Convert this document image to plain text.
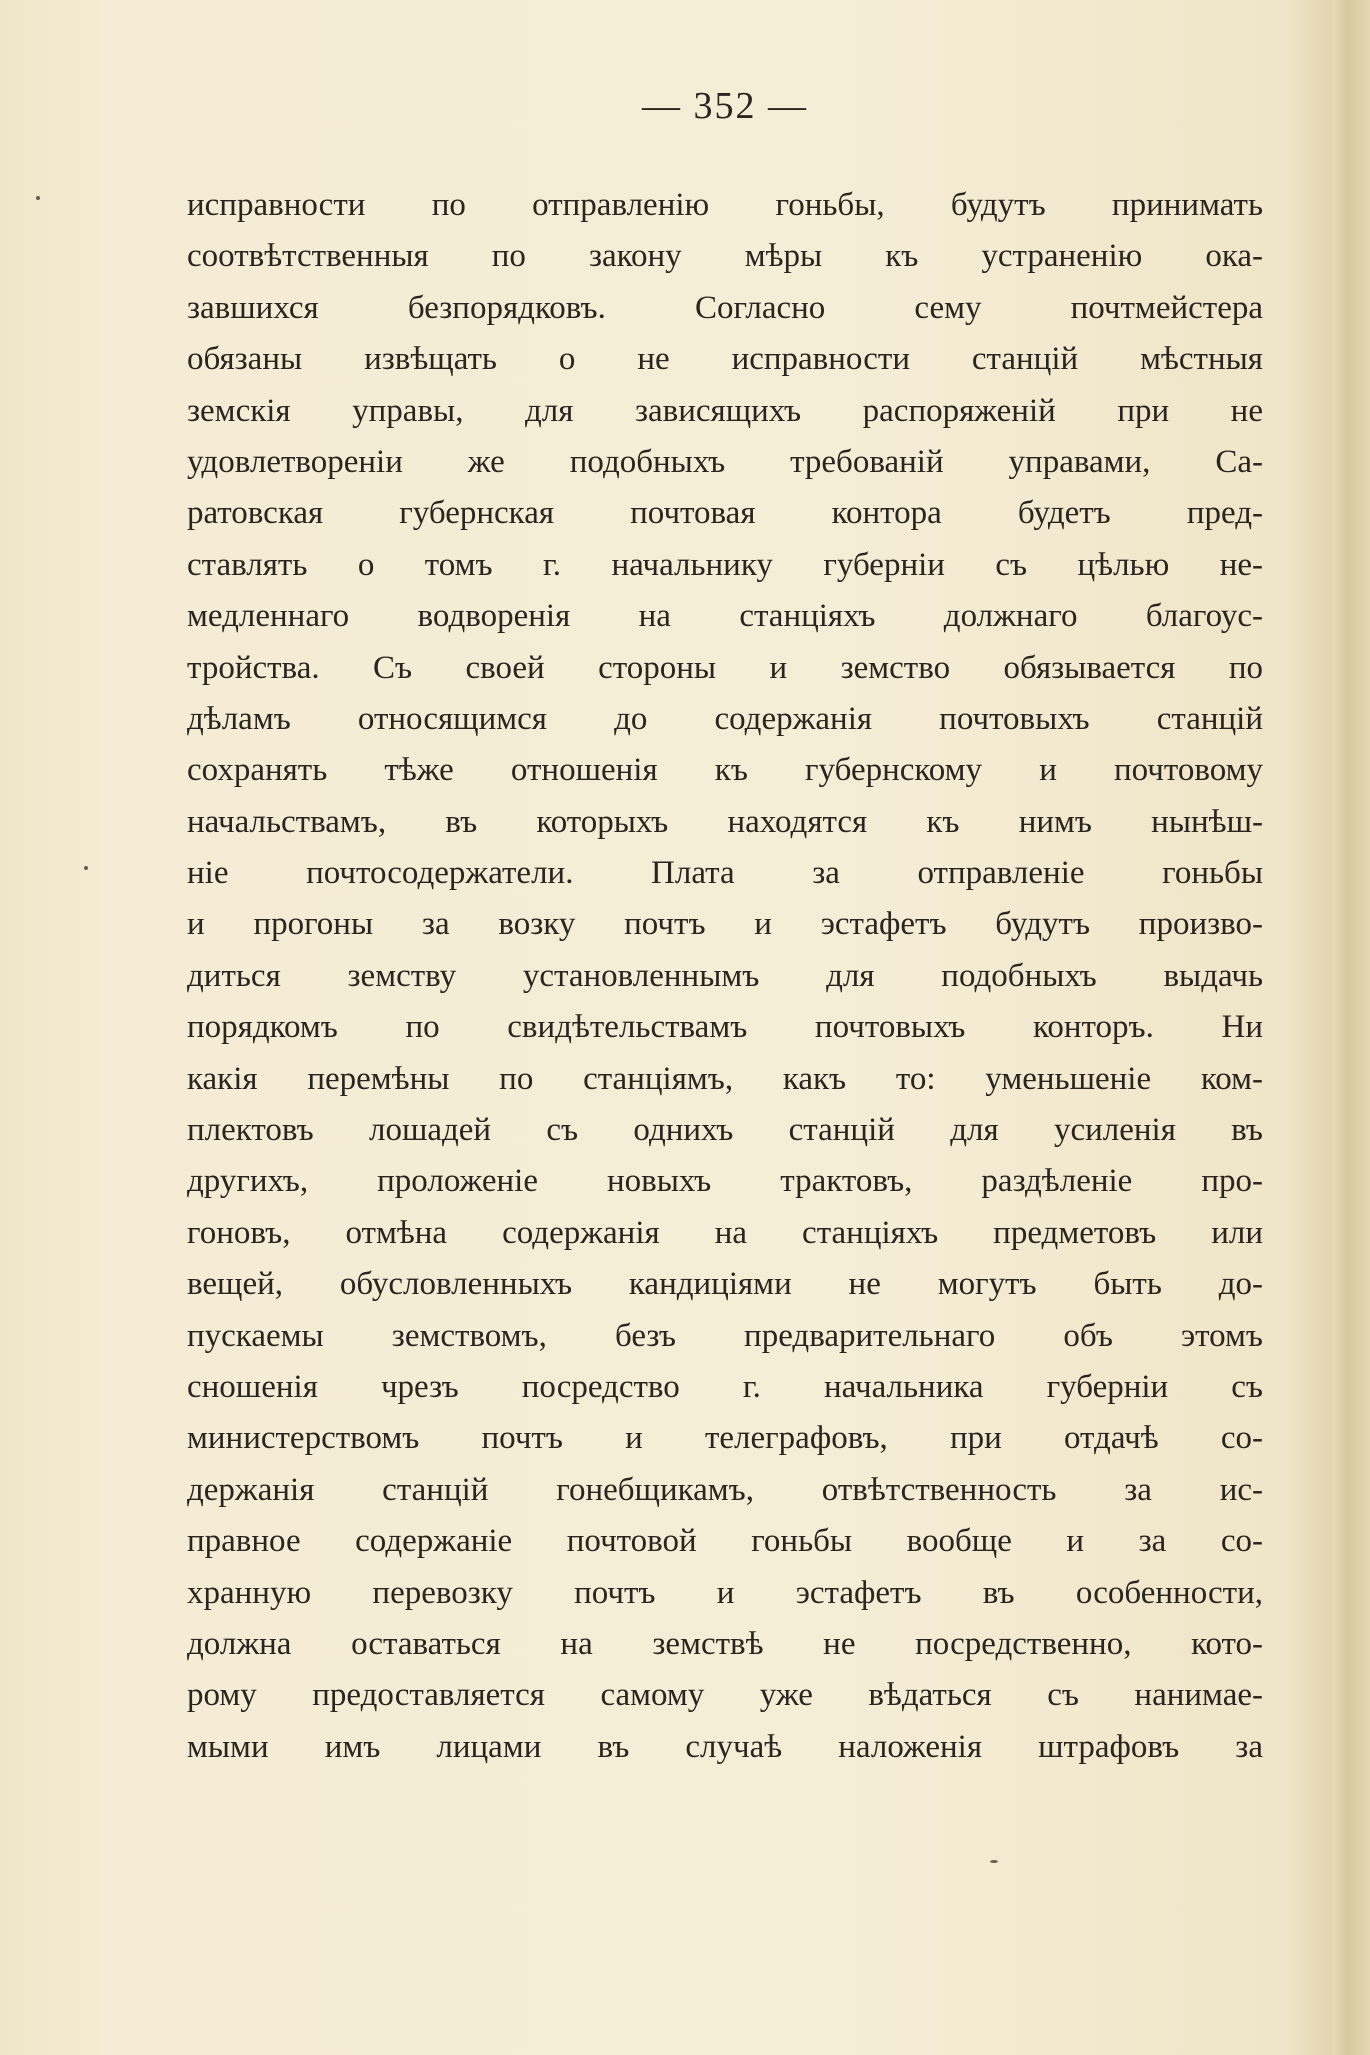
— 352 —
исправности по отправленію гоньбы, будутъ принимать
соотвѣтственныя по закону мѣры къ устраненію ока-
завшихся безпорядковъ. Согласно сему почтмейстера
обязаны извѣщать о не исправности станцій мѣстныя
земскія управы, для зависящихъ распоряженій при не
удовлетвореніи же подобныхъ требованій управами, Са-
ратовская губернская почтовая контора будетъ пред-
ставлять о томъ г. начальнику губерніи съ цѣлью не-
медленнаго водворенія на станціяхъ должнаго благоус-
тройства. Съ своей стороны и земство обязывается по
дѣламъ относящимся до содержанія почтовыхъ станцій
сохранять тѣже отношенія къ губернскому и почтовому
начальствамъ, въ которыхъ находятся къ нимъ нынѣш-
ніе почтосодержатели. Плата за отправленіе гоньбы
и прогоны за возку почтъ и эстафетъ будутъ произво-
диться земству установленнымъ для подобныхъ выдачь
порядкомъ по свидѣтельствамъ почтовыхъ конторъ. Ни
какія перемѣны по станціямъ, какъ то: уменьшеніе ком-
плектовъ лошадей съ однихъ станцій для усиленія въ
другихъ, проложеніе новыхъ трактовъ, раздѣленіе про-
гоновъ, отмѣна содержанія на станціяхъ предметовъ или
вещей, обусловленныхъ кандиціями не могутъ быть до-
пускаемы земствомъ, безъ предварительнаго объ этомъ
сношенія чрезъ посредство г. начальника губерніи съ
министерствомъ почтъ и телеграфовъ, при отдачѣ со-
держанія станцій гонебщикамъ, отвѣтственность за ис-
правное содержаніе почтовой гоньбы вообще и за со-
хранную перевозку почтъ и эстафетъ въ особенности,
должна оставаться на земствѣ не посредственно, кото-
рому предоставляется самому уже вѣдаться съ нанимае-
мыми имъ лицами въ случаѣ наложенія штрафовъ за
